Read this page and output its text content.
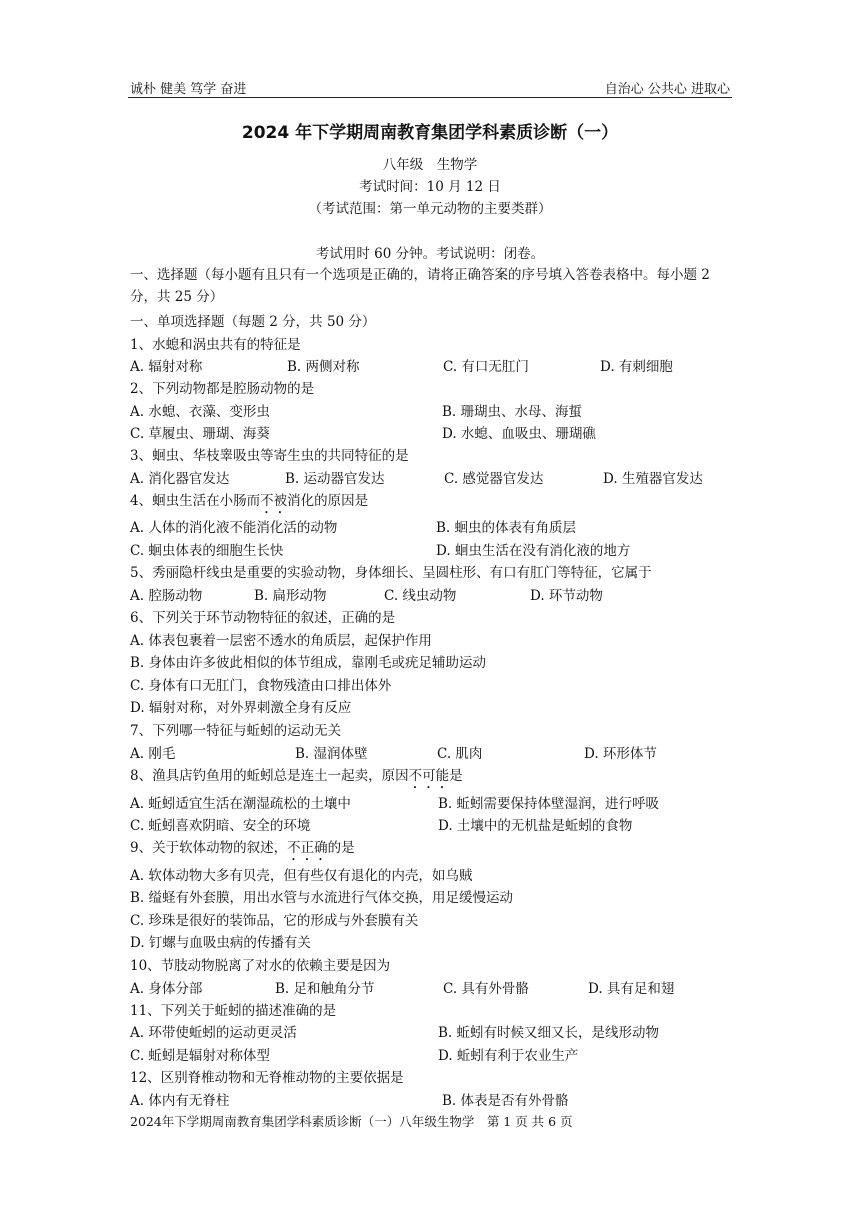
诚朴 健美 笃学 奋进	自治心 公共心 进取心
2024 年下学期周南教育集团学科素质诊断（一）
八年级　生物学
考试时间：10 月 12 日
（考试范围：第一单元动物的主要类群）
考试用时 60 分钟。考试说明：闭卷。
一、选择题（每小题有且只有一个选项是正确的，请将正确答案的序号填入答卷表格中。每小题 2 分，共 25 分）
一、单项选择题（每题 2 分，共 50 分）
1、水螅和涡虫共有的特征是
A. 辐射对称	B. 两侧对称	C. 有口无肛门	D. 有刺细胞
2、下列动物都是腔肠动物的是
A. 水螅、衣藻、变形虫	B. 珊瑚虫、水母、海蜇
C. 草履虫、珊瑚、海葵	D. 水螅、血吸虫、珊瑚礁
3、蛔虫、华枝睾吸虫等寄生虫的共同特征的是
A. 消化器官发达	B. 运动器官发达	C. 感觉器官发达	D. 生殖器官发达
4、蛔虫生活在小肠而不被消化的原因是
A. 人体的消化液不能消化活的动物	B. 蛔虫的体表有角质层
C. 蛔虫体表的细胞生长快	D. 蛔虫生活在没有消化液的地方
5、秀丽隐杆线虫是重要的实验动物，身体细长、呈圆柱形、有口有肛门等特征，它属于
A. 腔肠动物	B. 扁形动物	C. 线虫动物	D. 环节动物
6、下列关于环节动物特征的叙述，正确的是
A. 体表包裹着一层密不透水的角质层，起保护作用
B. 身体由许多彼此相似的体节组成，靠刚毛或疣足辅助运动
C. 身体有口无肛门，食物残渣由口排出体外
D. 辐射对称，对外界刺激全身有反应
7、下列哪一特征与蚯蚓的运动无关
A. 刚毛	B. 湿润体壁	C. 肌肉	D. 环形体节
8、渔具店钓鱼用的蚯蚓总是连土一起卖，原因不可能是
A. 蚯蚓适宜生活在潮湿疏松的土壤中	B. 蚯蚓需要保持体壁湿润，进行呼吸
C. 蚯蚓喜欢阴暗、安全的环境	D. 土壤中的无机盐是蚯蚓的食物
9、关于软体动物的叙述，不正确的是
A. 软体动物大多有贝壳，但有些仅有退化的内壳，如乌贼
B. 缢蛏有外套膜，用出水管与水流进行气体交换，用足缓慢运动
C. 珍珠是很好的装饰品，它的形成与外套膜有关
D. 钉螺与血吸虫病的传播有关
10、节肢动物脱离了对水的依赖主要是因为
A. 身体分部	B. 足和触角分节	C. 具有外骨骼	D. 具有足和翅
11、下列关于蚯蚓的描述准确的是
A. 环带使蚯蚓的运动更灵活	B. 蚯蚓有时候又细又长，是线形动物
C. 蚯蚓是辐射对称体型	D. 蚯蚓有利于农业生产
12、区别脊椎动物和无脊椎动物的主要依据是
A. 体内有无脊柱	B. 体表是否有外骨骼
2024年下学期周南教育集团学科素质诊断（一）八年级生物学　第 1 页 共 6 页
